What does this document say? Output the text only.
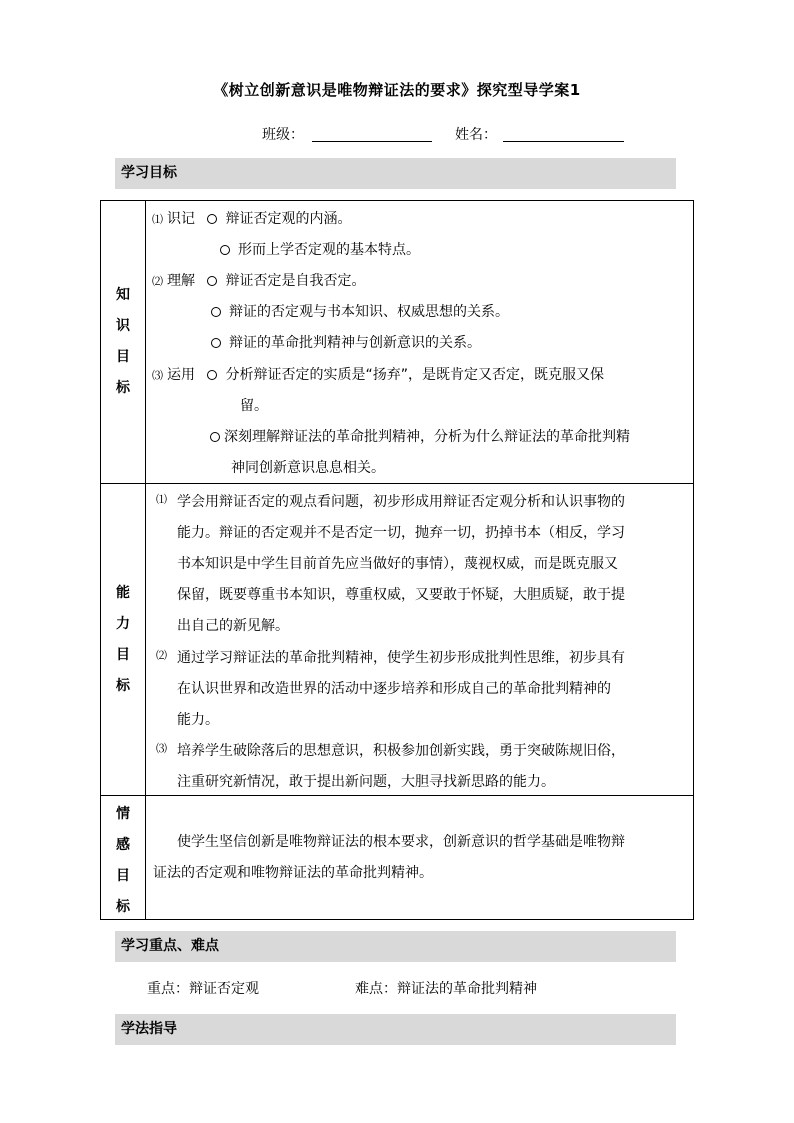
《树立创新意识是唯物辩证法的要求》探究型导学案1
班级：	姓名：
学习目标
知
识
目
标
⑴ 识记 辩证否定观的内涵。
形而上学否定观的基本特点。
⑵ 理解 辩证否定是自我否定。
辩证的否定观与书本知识、权威思想的关系。
辩证的革命批判精神与创新意识的关系。
⑶ 运用 分析辩证否定的实质是“扬弃”，是既肯定又否定，既克服又保
留。
深刻理解辩证法的革命批判精神，分析为什么辩证法的革命批判精
神同创新意识息息相关。
能
力
目
标
⑴ 学会用辩证否定的观点看问题，初步形成用辩证否定观分析和认识事物的
能力。辩证的否定观并不是否定一切，抛弃一切，扔掉书本（相反，学习
书本知识是中学生目前首先应当做好的事情），蔑视权威，而是既克服又
保留，既要尊重书本知识，尊重权威，又要敢于怀疑，大胆质疑，敢于提
出自己的新见解。
⑵ 通过学习辩证法的革命批判精神，使学生初步形成批判性思维，初步具有
在认识世界和改造世界的活动中逐步培养和形成自己的革命批判精神的
能力。
⑶ 培养学生破除落后的思想意识，积极参加创新实践，勇于突破陈规旧俗，
注重研究新情况，敢于提出新问题，大胆寻找新思路的能力。
情
感
目
标
使学生坚信创新是唯物辩证法的根本要求，创新意识的哲学基础是唯物辩
证法的否定观和唯物辩证法的革命批判精神。
学习重点、难点
重点：辩证否定观	难点：辩证法的革命批判精神
学法指导
